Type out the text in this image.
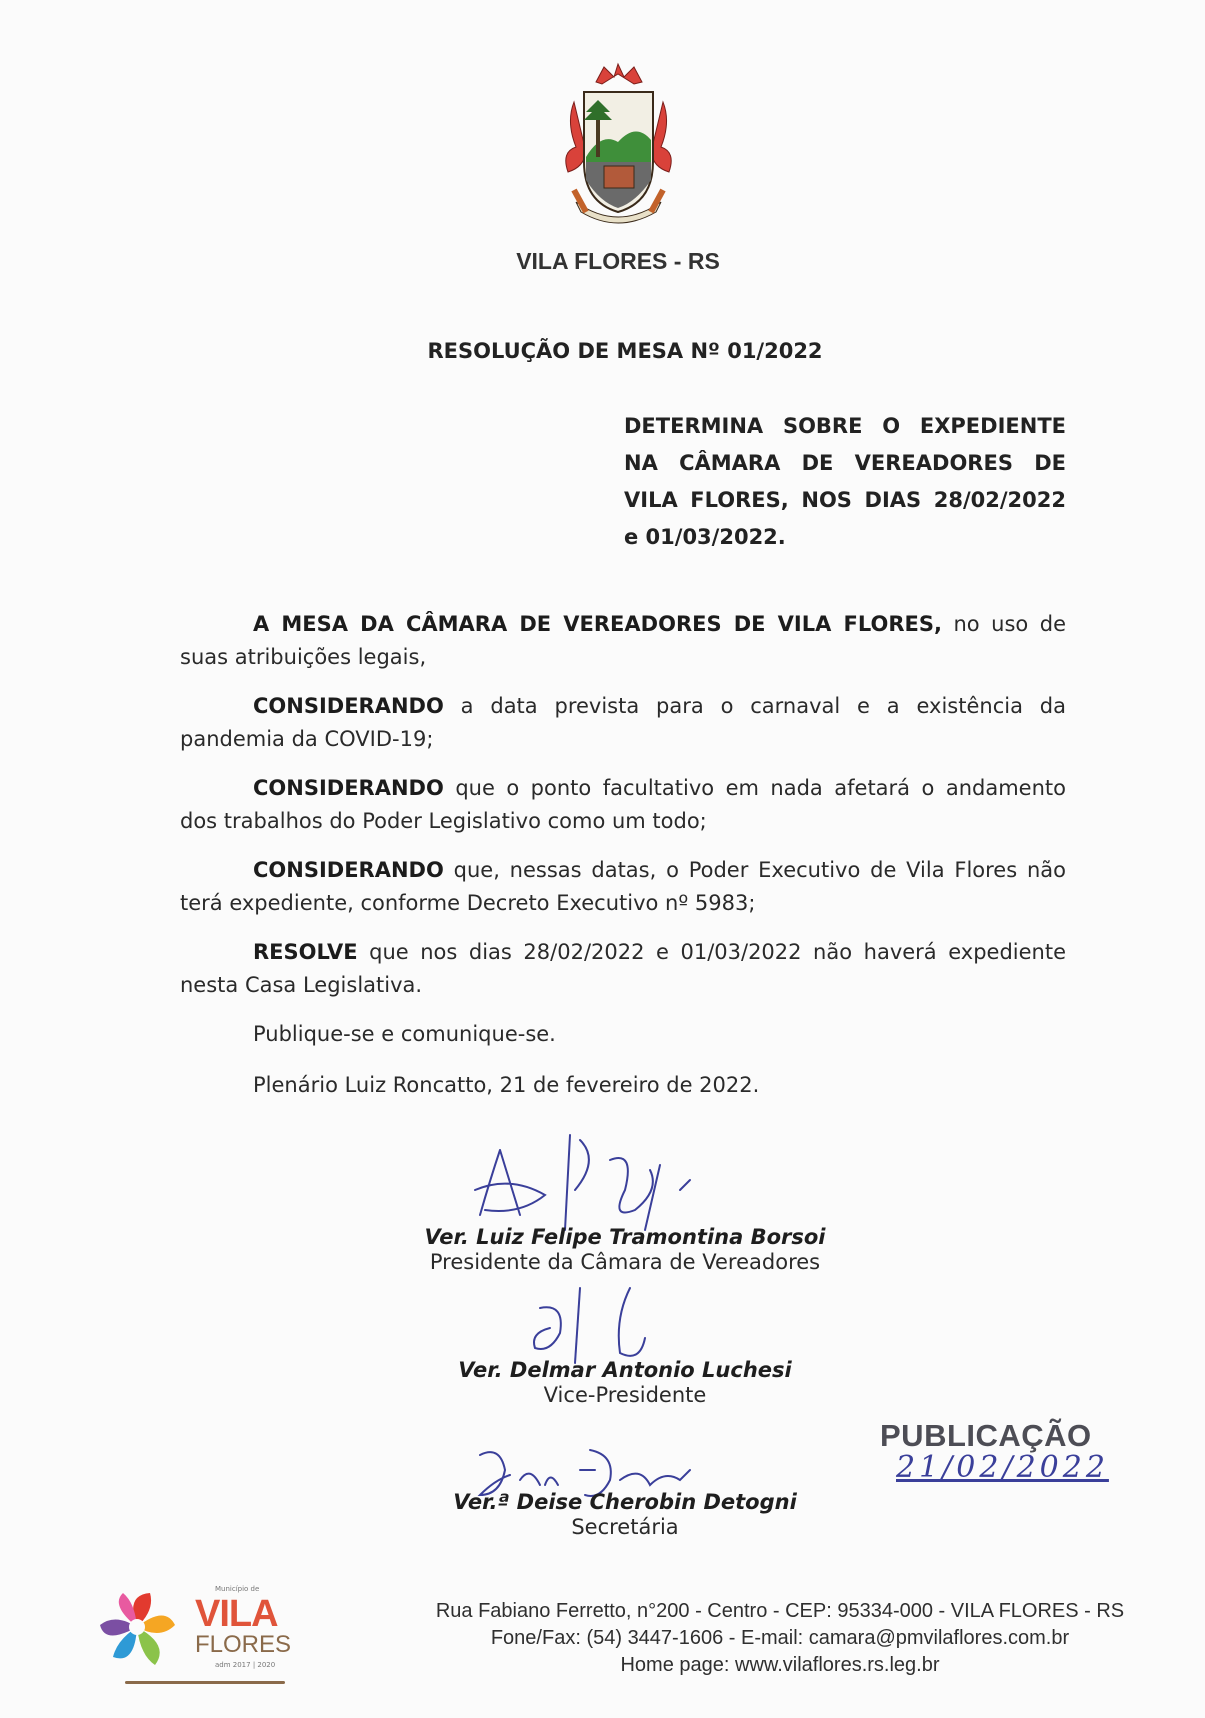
VILA FLORES - RS
RESOLUÇÃO DE MESA Nº 01/2022
DETERMINA SOBRE O EXPEDIENTE NA CÂMARA DE VEREADORES DE VILA FLORES, NOS DIAS 28/02/2022 e 01/03/2022.

A MESA DA CÂMARA DE VEREADORES DE VILA FLORES, no uso de suas atribuições legais,

CONSIDERANDO a data prevista para o carnaval e a existência da pandemia da COVID-19;

CONSIDERANDO que o ponto facultativo em nada afetará o andamento dos trabalhos do Poder Legislativo como um todo;

CONSIDERANDO que, nessas datas, o Poder Executivo de Vila Flores não terá expediente, conforme Decreto Executivo nº 5983;

RESOLVE que nos dias 28/02/2022 e 01/03/2022 não haverá expediente nesta Casa Legislativa.

Publique-se e comunique-se.

Plenário Luiz Roncatto, 21 de fevereiro de 2022.

Ver. Luiz Felipe Tramontina Borsoi
Presidente da Câmara de Vereadores
Ver. Delmar Antonio Luchesi
Vice-Presidente
Ver.ª Deise Cherobin Detogni
Secretária
PUBLICAÇÃO
21/02/2022
Município de
VILA
FLORES
adm 2017 | 2020
Rua Fabiano Ferretto, n°200 - Centro - CEP: 95334-000 - VILA FLORES - RS
Fone/Fax: (54) 3447-1606 - E-mail: camara@pmvilaflores.com.br
Home page: www.vilaflores.rs.leg.br
